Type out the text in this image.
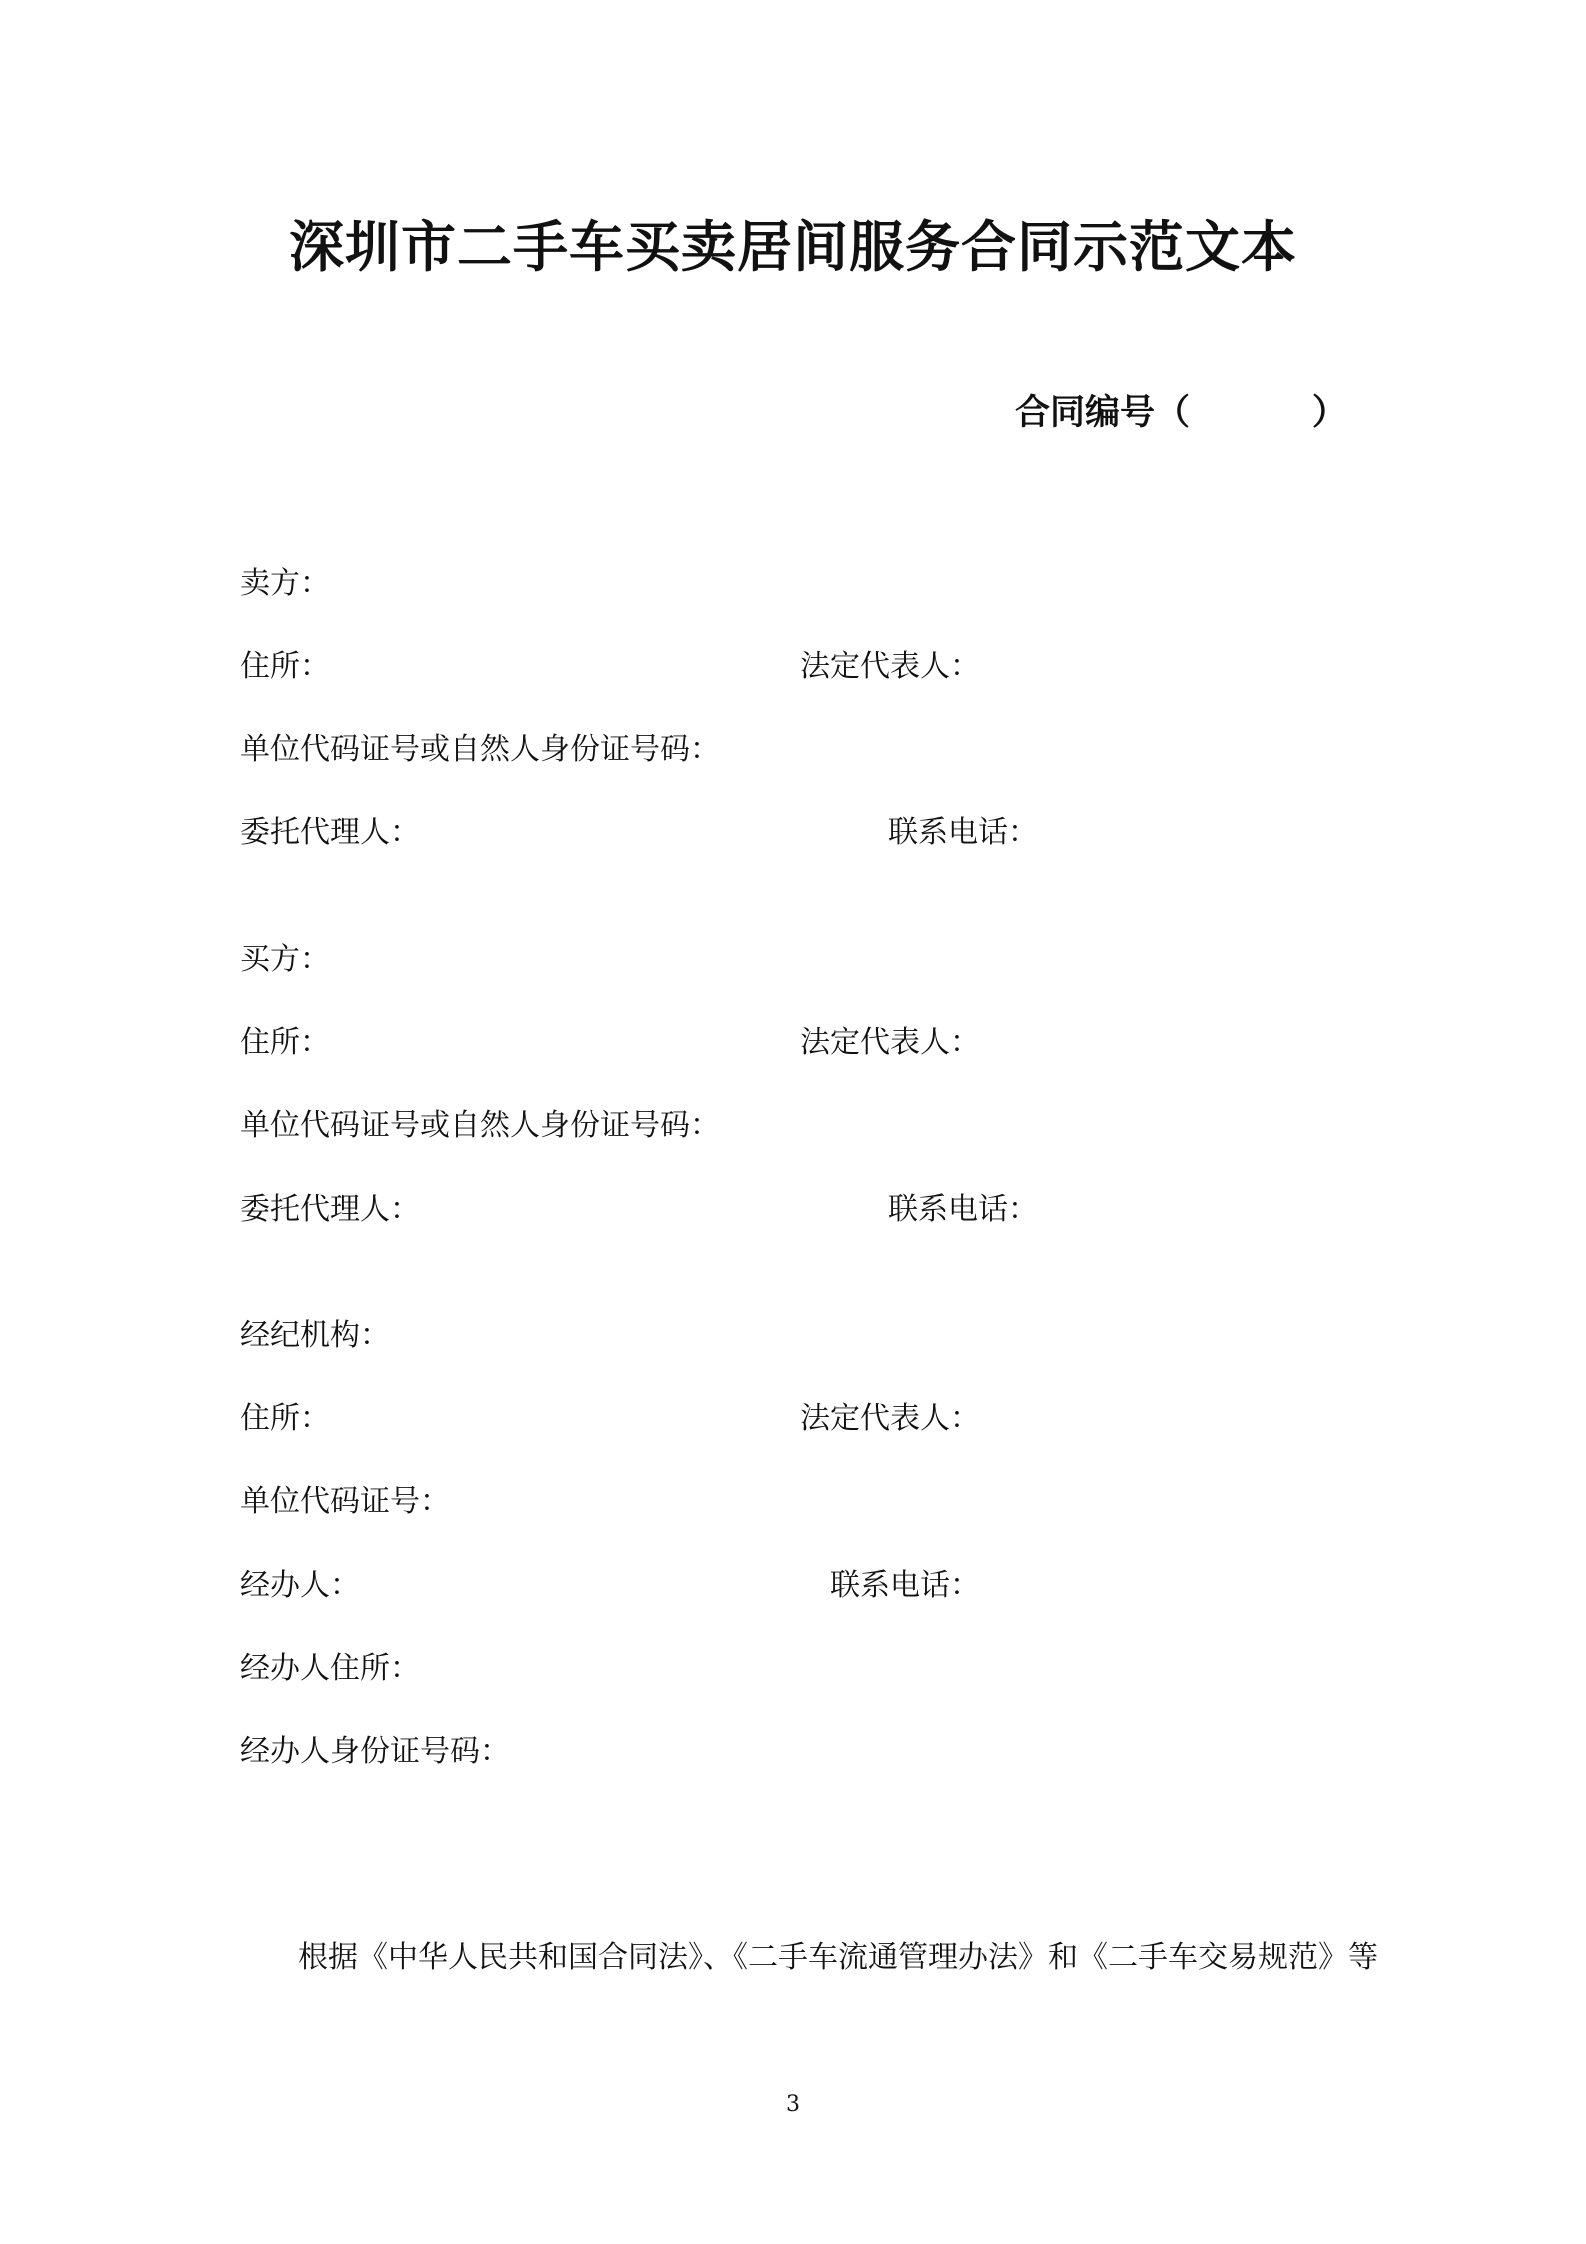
深圳市二手车买卖居间服务合同示范文本
合同编号（          ）
卖方：
住所：	法定代表人：
单位代码证号或自然人身份证号码：
委托代理人：	联系电话：
买方：
住所：	法定代表人：
单位代码证号或自然人身份证号码：
委托代理人：	联系电话：
经纪机构：
住所：	法定代表人：
单位代码证号：
经办人：	联系电话：
经办人住所：
经办人身份证号码：
根据《中华人民共和国合同法》、《二手车流通管理办法》和《二手车交易规范》等
3
